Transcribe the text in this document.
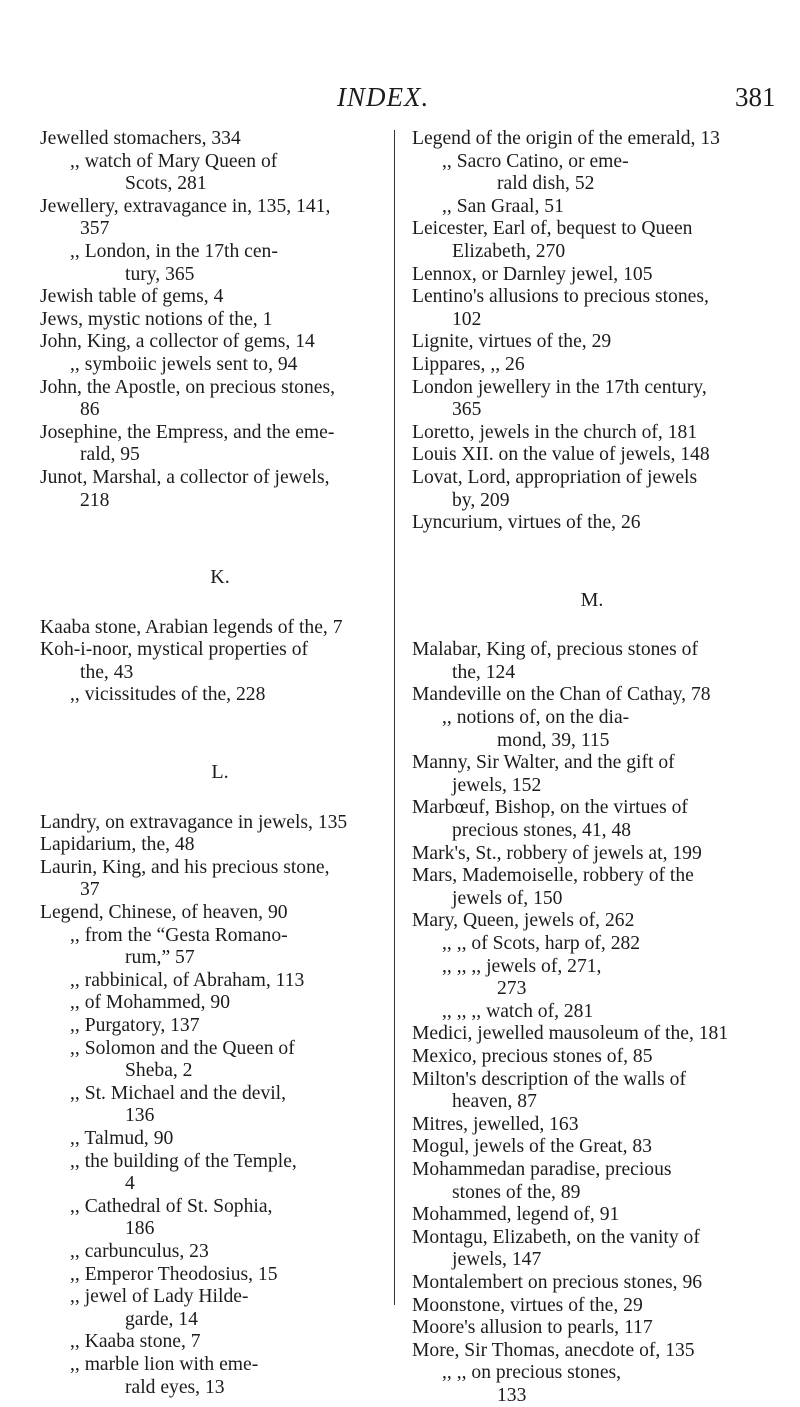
INDEX.	381
Jewelled stomachers, 334
,, watch of Mary Queen of
Scots, 281
Jewellery, extravagance in, 135, 141,
357
,, London, in the 17th cen-
tury, 365
Jewish table of gems, 4
Jews, mystic notions of the, 1
John, King, a collector of gems, 14
,, symboiic jewels sent to, 94
John, the Apostle, on precious stones,
86
Josephine, the Empress, and the eme-
rald, 95
Junot, Marshal, a collector of jewels,
218
K.
Kaaba stone, Arabian legends of the, 7
Koh-i-noor, mystical properties of
the, 43
,, vicissitudes of the, 228
L.
Landry, on extravagance in jewels, 135
Lapidarium, the, 48
Laurin, King, and his precious stone,
37
Legend, Chinese, of heaven, 90
,, from the “Gesta Romano-
rum,” 57
,, rabbinical, of Abraham, 113
,, of Mohammed, 90
,, Purgatory, 137
,, Solomon and the Queen of
Sheba, 2
,, St. Michael and the devil,
136
,, Talmud, 90
,, the building of the Temple,
4
,, Cathedral of St. Sophia,
186
,, carbunculus, 23
,, Emperor Theodosius, 15
,, jewel of Lady Hilde-
garde, 14
,, Kaaba stone, 7
,, marble lion with eme-
rald eyes, 13
Legend of the origin of the emerald, 13
,, Sacro Catino, or eme-
rald dish, 52
,, San Graal, 51
Leicester, Earl of, bequest to Queen
Elizabeth, 270
Lennox, or Darnley jewel, 105
Lentino's allusions to precious stones,
102
Lignite, virtues of the, 29
Lippares, ,, 26
London jewellery in the 17th century,
365
Loretto, jewels in the church of, 181
Louis XII. on the value of jewels, 148
Lovat, Lord, appropriation of jewels
by, 209
Lyncurium, virtues of the, 26
M.
Malabar, King of, precious stones of
the, 124
Mandeville on the Chan of Cathay, 78
,, notions of, on the dia-
mond, 39, 115
Manny, Sir Walter, and the gift of
jewels, 152
Marbœuf, Bishop, on the virtues of
precious stones, 41, 48
Mark's, St., robbery of jewels at, 199
Mars, Mademoiselle, robbery of the
jewels of, 150
Mary, Queen, jewels of, 262
,, ,, of Scots, harp of, 282
,, ,, ,, jewels of, 271,
273
,, ,, ,, watch of, 281
Medici, jewelled mausoleum of the, 181
Mexico, precious stones of, 85
Milton's description of the walls of
heaven, 87
Mitres, jewelled, 163
Mogul, jewels of the Great, 83
Mohammedan paradise, precious
stones of the, 89
Mohammed, legend of, 91
Montagu, Elizabeth, on the vanity of
jewels, 147
Montalembert on precious stones, 96
Moonstone, virtues of the, 29
Moore's allusion to pearls, 117
More, Sir Thomas, anecdote of, 135
,, ,, on precious stones,
133
